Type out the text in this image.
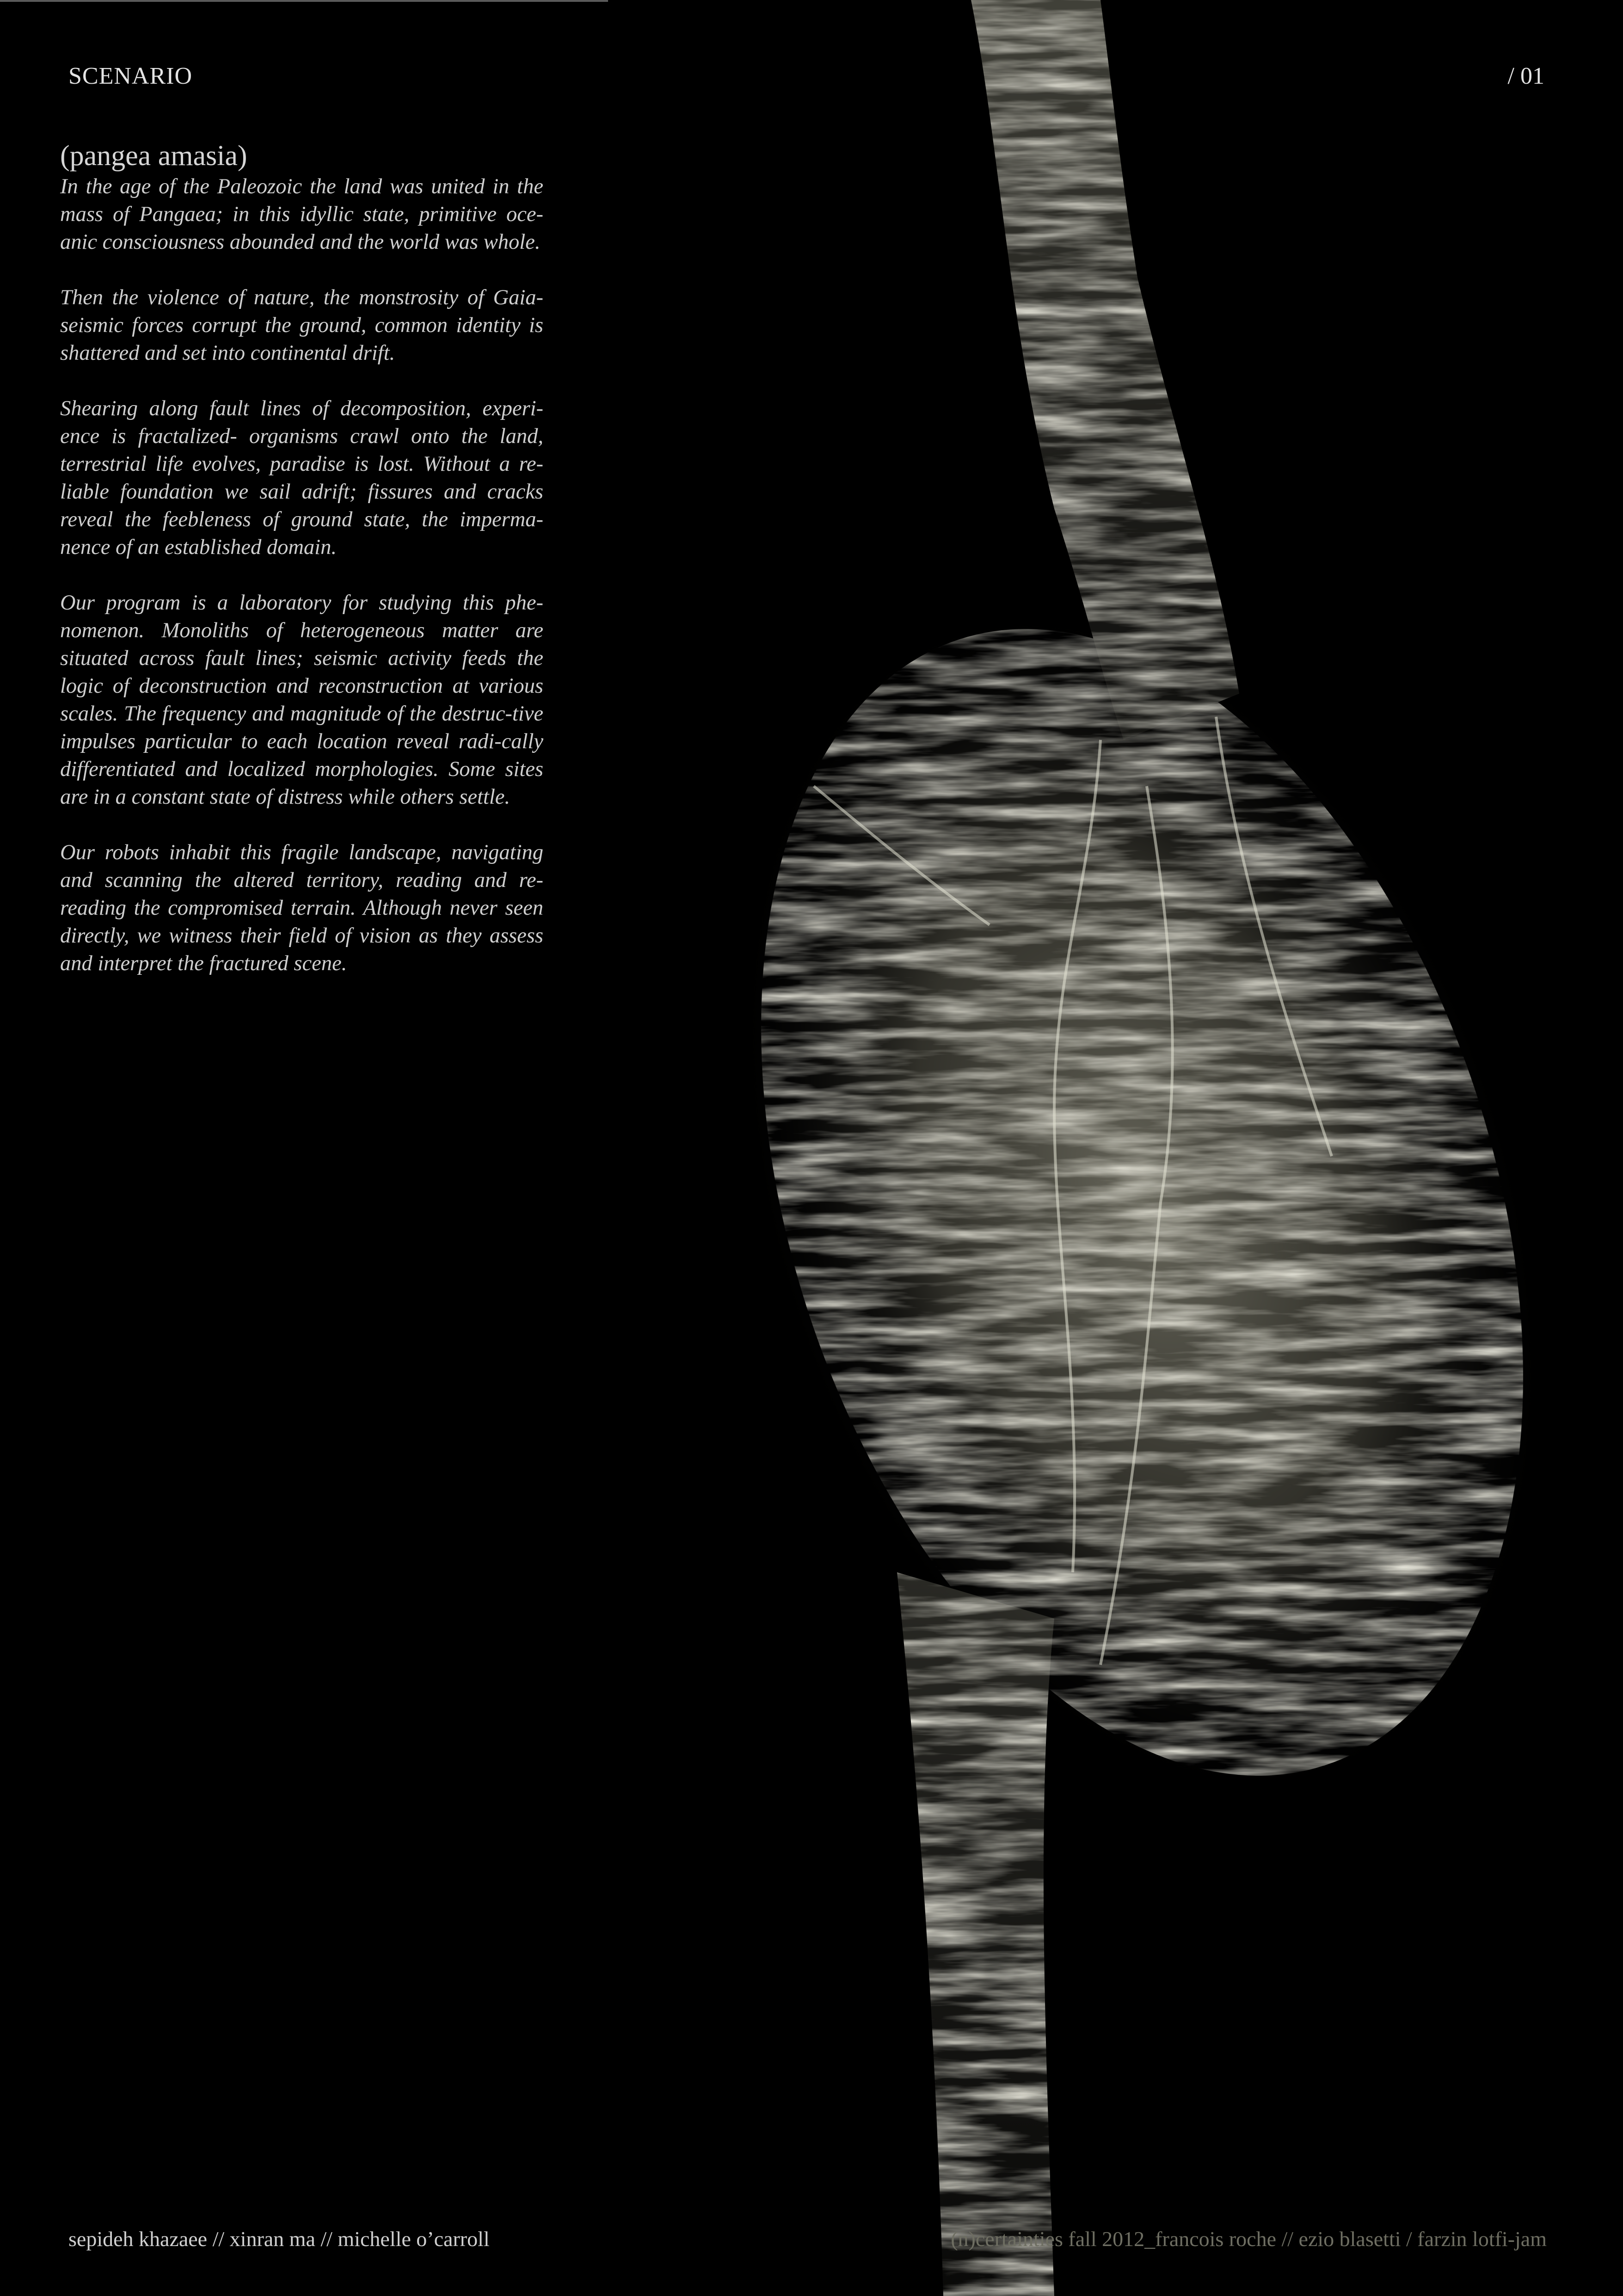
SCENARIO	/ 01
(pangea amasia)

In the age of the Paleozoic the land was united in the mass of Pangaea; in this idyllic state, primitive oce-anic consciousness abounded and the world was whole.

Then the violence of nature, the monstrosity of Gaia-seismic forces corrupt the ground, common identity is shattered and set into continental drift.

Shearing along fault lines of decomposition, experi-ence is fractalized- organisms crawl onto the land, terrestrial life evolves, paradise is lost. Without a re-liable foundation we sail adrift; fissures and cracks reveal the feebleness of ground state, the imperma-nence of an established domain.

Our program is a laboratory for studying this phe-nomenon. Monoliths of heterogeneous matter are situated across fault lines; seismic activity feeds the logic of deconstruction and reconstruction at various scales. The frequency and magnitude of the destruc-tive impulses particular to each location reveal radi-cally differentiated and localized morphologies. Some sites are in a constant state of distress while others settle.

Our robots inhabit this fragile landscape, navigating and scanning the altered territory, reading and re-reading the compromised terrain. Although never seen directly, we witness their field of vision as they assess and interpret the fractured scene.

sepideh khazaee // xinran ma // michelle o’carroll	(n)certainties fall 2012_francois roche // ezio blasetti / farzin lotfi-jam
